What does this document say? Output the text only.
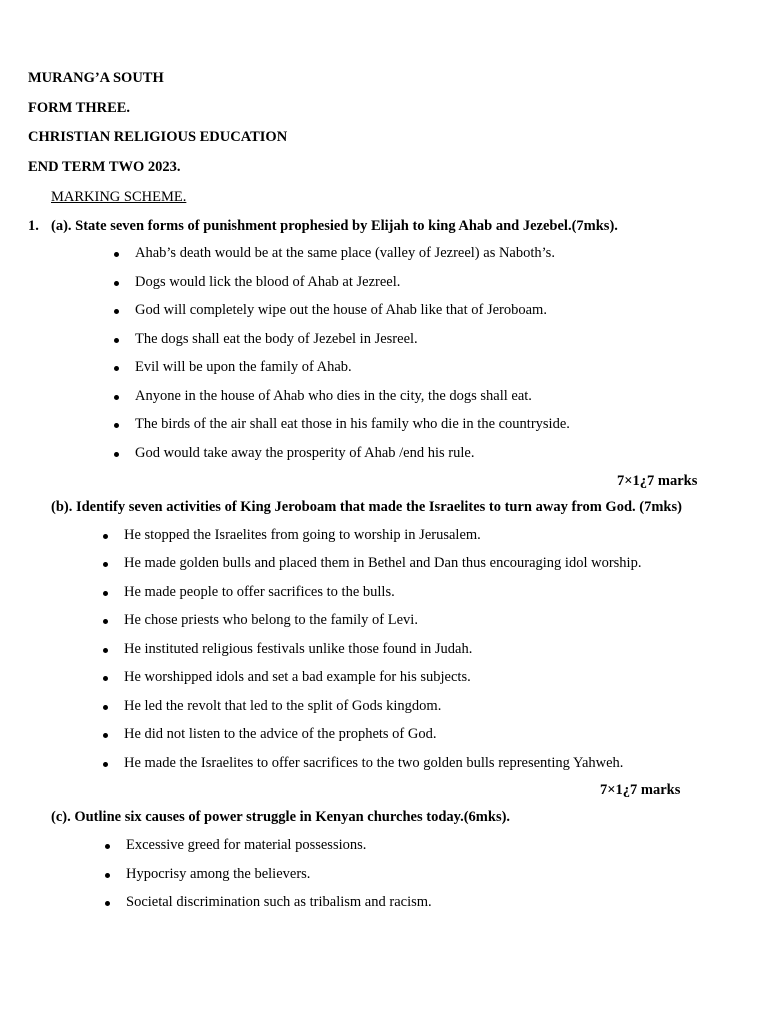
MURANG’A SOUTH
FORM THREE.
CHRISTIAN RELIGIOUS EDUCATION
END TERM TWO 2023.
MARKING SCHEME.
1. (a). State seven forms of punishment prophesied by Elijah to king Ahab and Jezebel.(7mks).
Ahab’s death would be at the same place (valley of Jezreel) as Naboth’s.
Dogs would lick the blood of Ahab at Jezreel.
God will completely wipe out the house of Ahab like that of Jeroboam.
The dogs shall eat the body of Jezebel in Jesreel.
Evil will be upon the family of Ahab.
Anyone in the house of Ahab who dies in the city, the dogs shall eat.
The birds of the air shall eat those in his family who die in the countryside.
God would take away the prosperity of Ahab /end his rule.
7×1¿7 marks
(b). Identify seven activities of King Jeroboam that made the Israelites to turn away from God. (7mks)
He stopped the Israelites from going to worship in Jerusalem.
He made golden bulls and placed them in Bethel and Dan thus encouraging idol worship.
He made people to offer sacrifices to the bulls.
He chose priests who belong to the family of Levi.
He instituted religious festivals unlike those found in Judah.
He worshipped idols and set a bad example for his subjects.
He led the revolt that led to the split of Gods kingdom.
He did not listen to the advice of the prophets of God.
He made the Israelites to offer sacrifices to the two golden bulls representing Yahweh.
7×1¿7 marks
(c). Outline six causes of power struggle in Kenyan churches today.(6mks).
Excessive greed for material possessions.
Hypocrisy among the believers.
Societal discrimination such as tribalism and racism.
